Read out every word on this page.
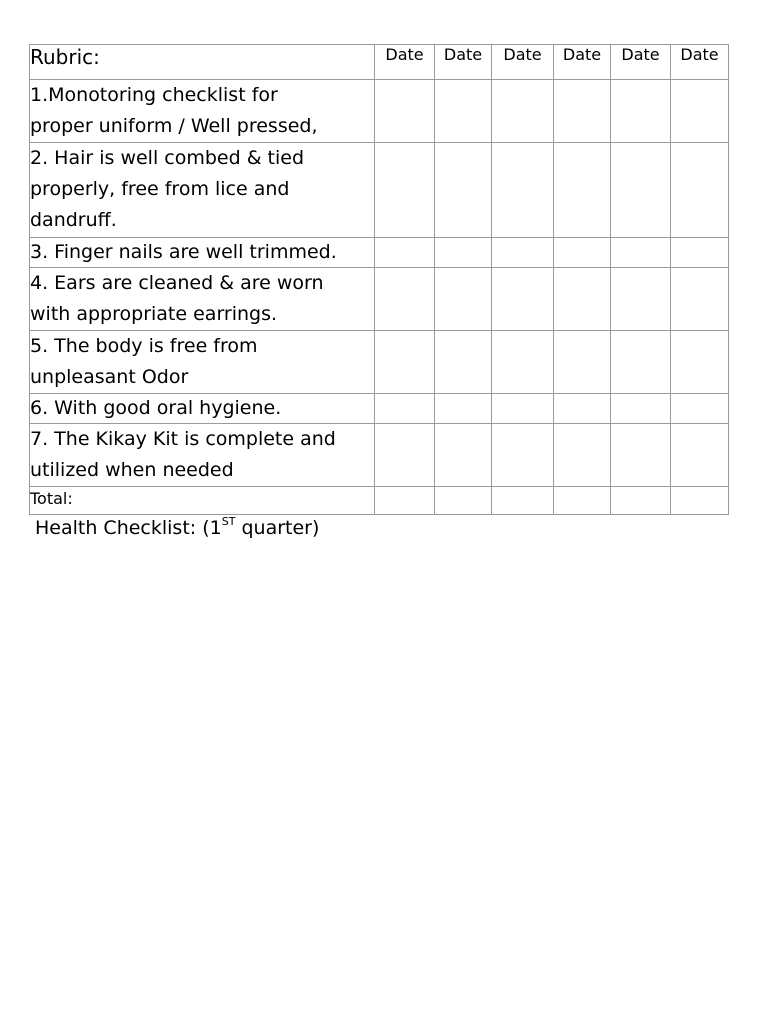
Rubric:	Date	Date	Date	Date	Date	Date

1.Monotoring checklist for
proper uniform / Well pressed,						

2. Hair is well combed & tied
properly, free from lice and
dandruff.						

3. Finger nails are well trimmed.						

4. Ears are cleaned & are worn
with appropriate earrings.						

5. The body is free from
unpleasant Odor						

6. With good oral hygiene.						

7. The Kikay Kit is complete and
utilized when needed						

Total:						
Health Checklist: (1ST quarter)
